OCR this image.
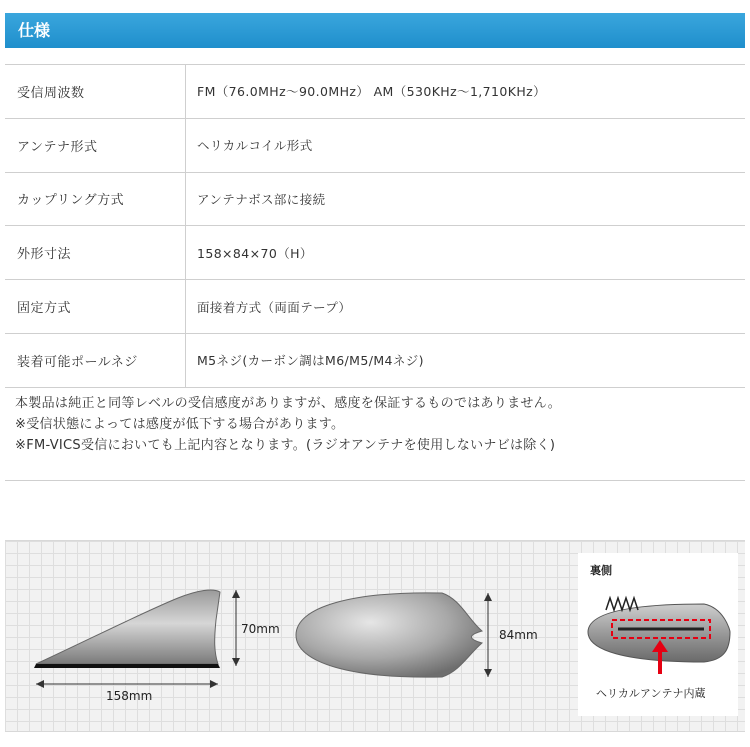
仕様
受信周波数	FM（76.0MHz～90.0MHz） AM（530KHz～1,710KHz）
アンテナ形式	ヘリカルコイル形式
カップリング方式	アンテナボス部に接続
外形寸法	158×84×70（H）
固定方式	面接着方式（両面テープ）
装着可能ポールネジ	M5ネジ(カーボン調はM6/M5/M4ネジ)
本製品は純正と同等レベルの受信感度がありますが、感度を保証するものではありません。
※受信状態によっては感度が低下する場合があります。
※FM-VICS受信においても上記内容となります。(ラジオアンテナを使用しないナビは除く)
70mm
158mm
84mm
裏側
ヘリカルアンテナ内蔵
